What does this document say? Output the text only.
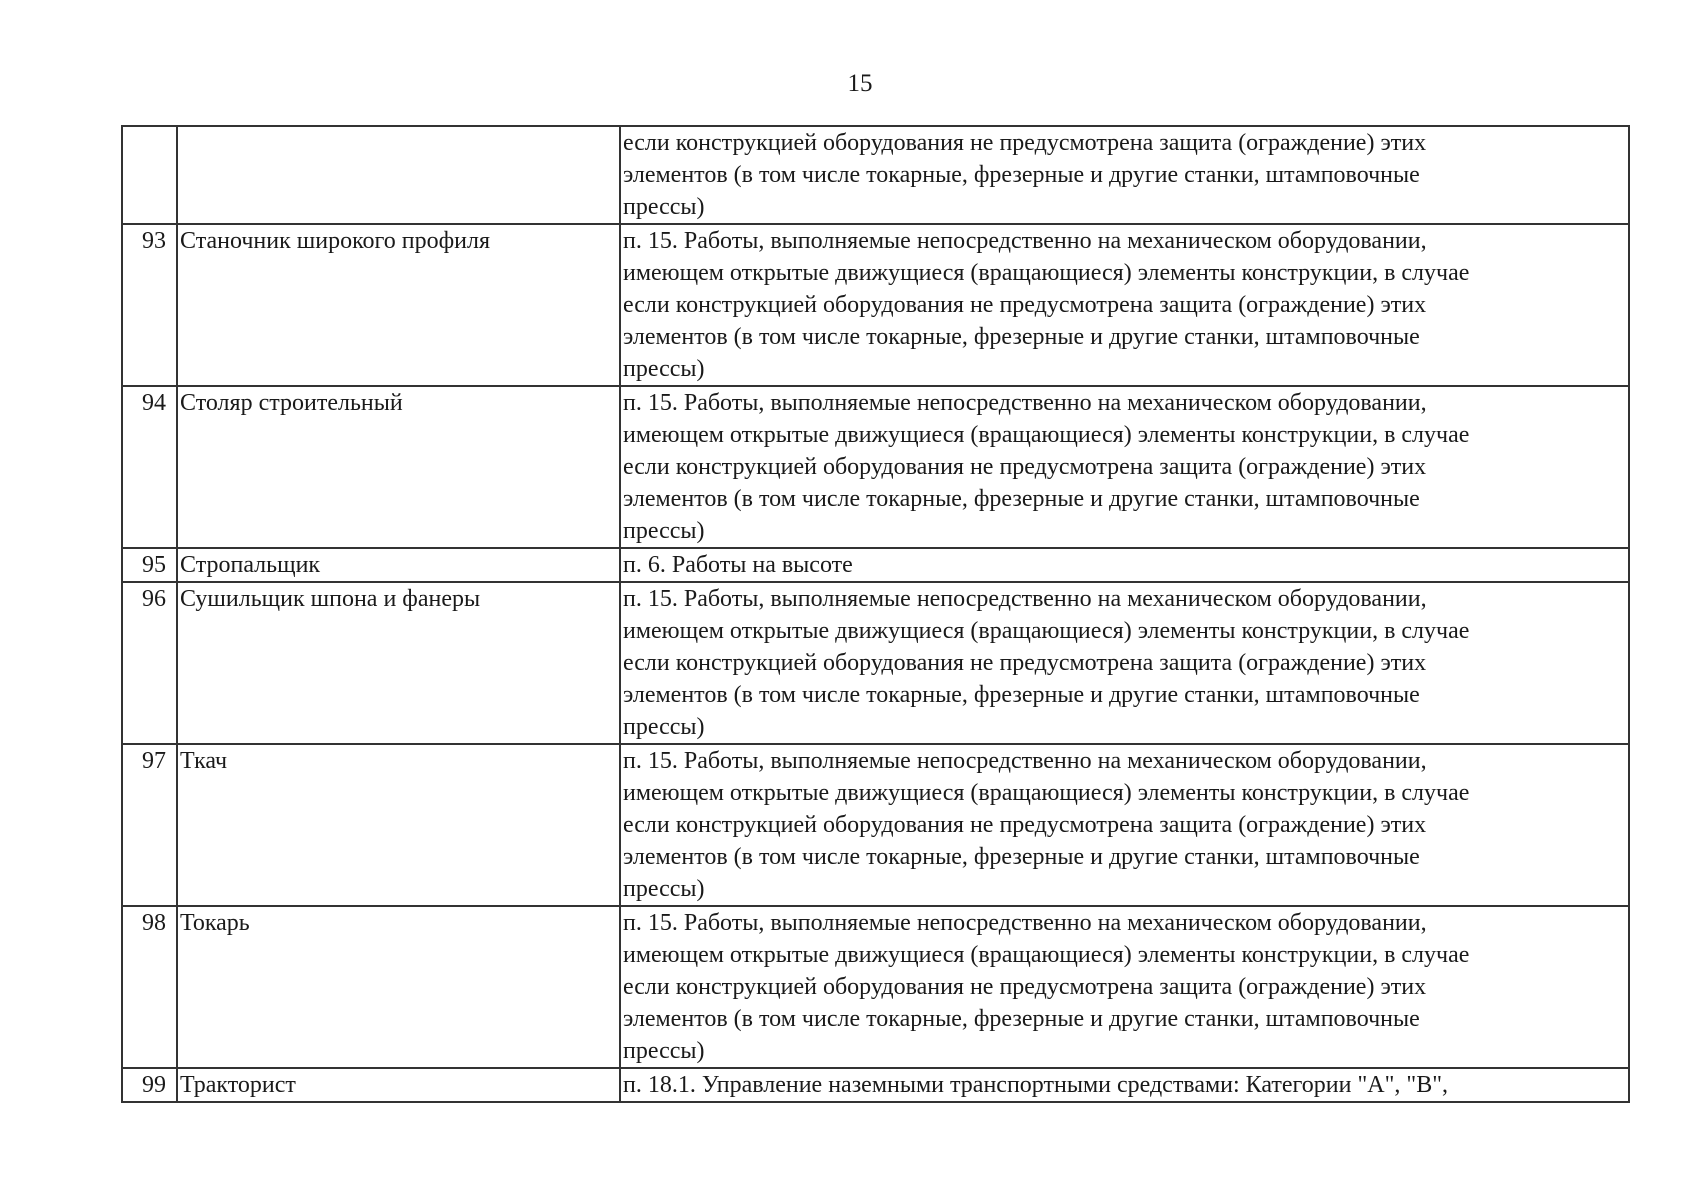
15

		если конструкцией оборудования не предусмотрена защита (ограждение) этих
элементов (в том числе токарные, фрезерные и другие станки, штамповочные
прессы)

93	Станочник широкого профиля	п. 15. Работы, выполняемые непосредственно на механическом оборудовании,
имеющем открытые движущиеся (вращающиеся) элементы конструкции, в случае
если конструкцией оборудования не предусмотрена защита (ограждение) этих
элементов (в том числе токарные, фрезерные и другие станки, штамповочные
прессы)

94	Столяр строительный	п. 15. Работы, выполняемые непосредственно на механическом оборудовании,
имеющем открытые движущиеся (вращающиеся) элементы конструкции, в случае
если конструкцией оборудования не предусмотрена защита (ограждение) этих
элементов (в том числе токарные, фрезерные и другие станки, штамповочные
прессы)

95	Стропальщик	п. 6. Работы на высоте

96	Сушильщик шпона и фанеры	п. 15. Работы, выполняемые непосредственно на механическом оборудовании,
имеющем открытые движущиеся (вращающиеся) элементы конструкции, в случае
если конструкцией оборудования не предусмотрена защита (ограждение) этих
элементов (в том числе токарные, фрезерные и другие станки, штамповочные
прессы)

97	Ткач	п. 15. Работы, выполняемые непосредственно на механическом оборудовании,
имеющем открытые движущиеся (вращающиеся) элементы конструкции, в случае
если конструкцией оборудования не предусмотрена защита (ограждение) этих
элементов (в том числе токарные, фрезерные и другие станки, штамповочные
прессы)

98	Токарь	п. 15. Работы, выполняемые непосредственно на механическом оборудовании,
имеющем открытые движущиеся (вращающиеся) элементы конструкции, в случае
если конструкцией оборудования не предусмотрена защита (ограждение) этих
элементов (в том числе токарные, фрезерные и другие станки, штамповочные
прессы)

99	Тракторист	п. 18.1. Управление наземными транспортными средствами: Категории "А", "В",
